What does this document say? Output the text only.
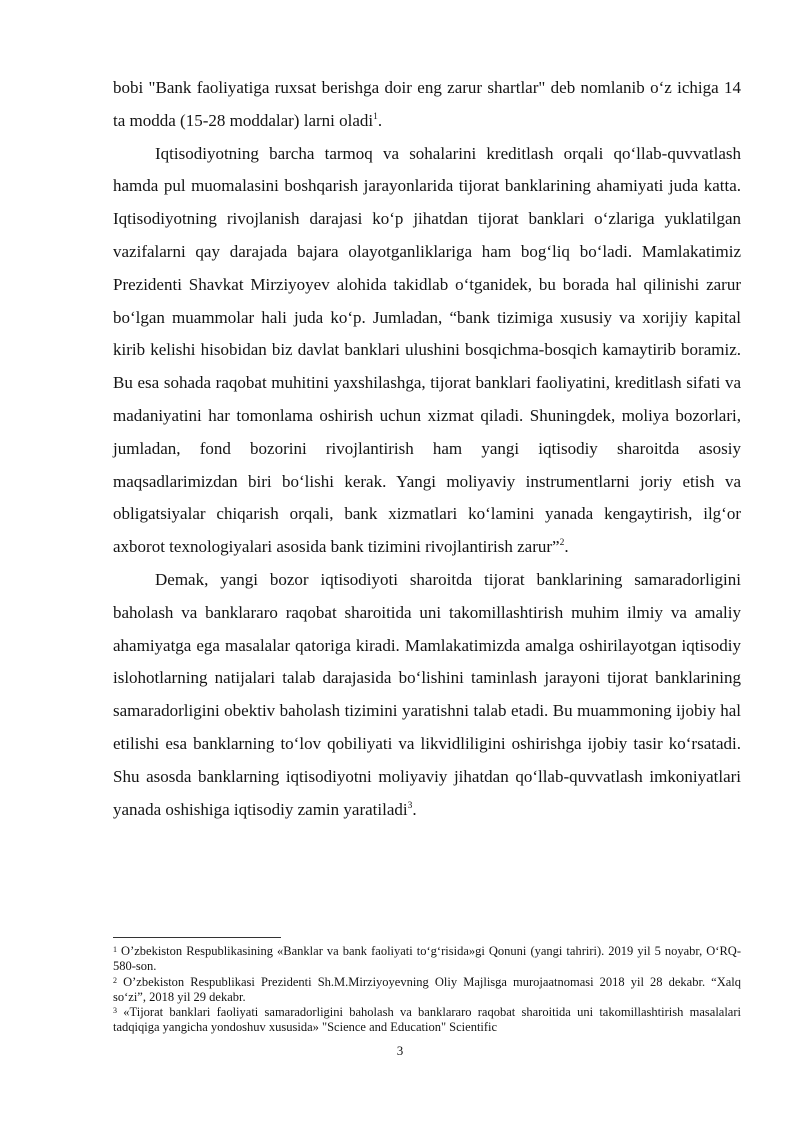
bobi "Bank faoliyatiga ruxsat berishga doir eng zarur shartlar" deb nomlanib o‘z ichiga 14 ta modda (15-28 moddalar) larni oladi$^1$.

Iqtisodiyotning barcha tarmoq va sohalarini kreditlash orqali qo‘llab-quvvatlash hamda pul muomalasini boshqarish jarayonlarida tijorat banklarining ahamiyati juda katta. Iqtisodiyotning rivojlanish darajasi ko‘p jihatdan tijorat banklari o‘zlariga yuklatilgan vazifalarni qay darajada bajara olayotganliklariga ham bog‘liq bo‘ladi. Mamlakatimiz Prezidenti Shavkat Mirziyoyev alohida takidlab o‘tganidek, bu borada hal qilinishi zarur bo‘lgan muammolar hali juda ko‘p. Jumladan, “bank tizimiga xususiy va xorijiy kapital kirib kelishi hisobidan biz davlat banklari ulushini bosqichma-bosqich kamaytirib boramiz. Bu esa sohada raqobat muhitini yaxshilashga, tijorat banklari faoliyatini, kreditlash sifati va madaniyatini har tomonlama oshirish uchun xizmat qiladi. Shuningdek, moliya bozorlari, jumladan, fond bozorini rivojlantirish ham yangi iqtisodiy sharoitda asosiy maqsadlarimizdan biri bo‘lishi kerak. Yangi moliyaviy instrumentlarni joriy etish va obligatsiyalar chiqarish orqali, bank xizmatlari ko‘lamini yanada kengaytirish, ilg‘or axborot texnologiyalari asosida bank tizimini rivojlantirish zarur”$^2$.

Demak, yangi bozor iqtisodiyoti sharoitda tijorat banklarining samaradorligini baholash va banklararo raqobat sharoitida uni takomillashtirish muhim ilmiy va amaliy ahamiyatga ega masalalar qatoriga kiradi. Mamlakatimizda amalga oshirilayotgan iqtisodiy islohotlarning natijalari talab darajasida bo‘lishini taminlash jarayoni tijorat banklarining samaradorligini obektiv baholash tizimini yaratishni talab etadi. Bu muammoning ijobiy hal etilishi esa banklarning to‘lov qobiliyati va likvidliligini oshirishga ijobiy tasir ko‘rsatadi. Shu asosda banklarning iqtisodiyotni moliyaviy jihatdan qo‘llab-quvvatlash imkoniyatlari yanada oshishiga iqtisodiy zamin yaratiladi$^3$.

$^1$ O’zbekiston Respublikasining «Banklar va bank faoliyati to‘g‘risida»gi Qonuni (yangi tahriri). 2019 yil 5 noyabr, O‘RQ-580-son.

$^2$ O’zbekiston Respublikasi Prezidenti Sh.M.Mirziyoyevning Oliy Majlisga murojaatnomasi 2018 yil 28 dekabr. “Xalq so‘zi”, 2018 yil 29 dekabr.

$^3$ «Tijorat banklari faoliyati samaradorligini baholash va banklararo raqobat sharoitida uni takomillashtirish masalalari tadqiqiga yangicha yondoshuv xususida» "Science and Education" Scientific

3
